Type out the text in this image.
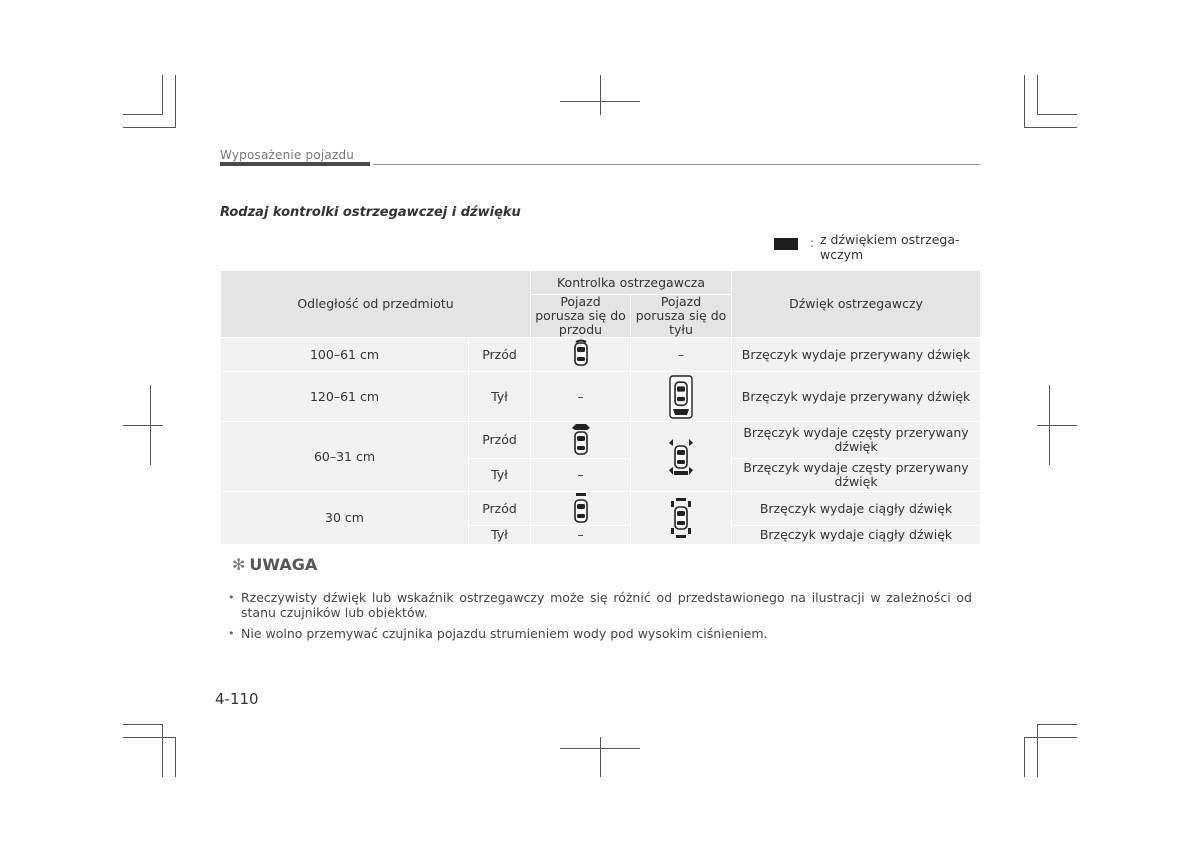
Wyposażenie pojazdu
Rodzaj kontrolki ostrzegawczej i dźwięku
: z dźwiękiem ostrzega-wczym
Odległość od przedmiotu		Kontrolka ostrzegawcza		Dźwięk ostrzegawczy
		Pojazd porusza się do przodu	Pojazd porusza się do tyłu	
100–61 cm	Przód		–	Brzęczyk wydaje przerywany dźwięk
120–61 cm	Tył	–		Brzęczyk wydaje przerywany dźwięk
60–31 cm	Przód			Brzęczyk wydaje częsty przerywany dźwięk
	Tył	–		Brzęczyk wydaje częsty przerywany dźwięk
30 cm	Przód			Brzęczyk wydaje ciągły dźwięk
	Tył	–		Brzęczyk wydaje ciągły dźwięk
✻ UWAGA
• Rzeczywisty dźwięk lub wskaźnik ostrzegawczy może się różnić od przedstawionego na ilustracji w zależności od stanu czujników lub obiektów.
• Nie wolno przemywać czujnika pojazdu strumieniem wody pod wysokim ciśnieniem.
4-110
